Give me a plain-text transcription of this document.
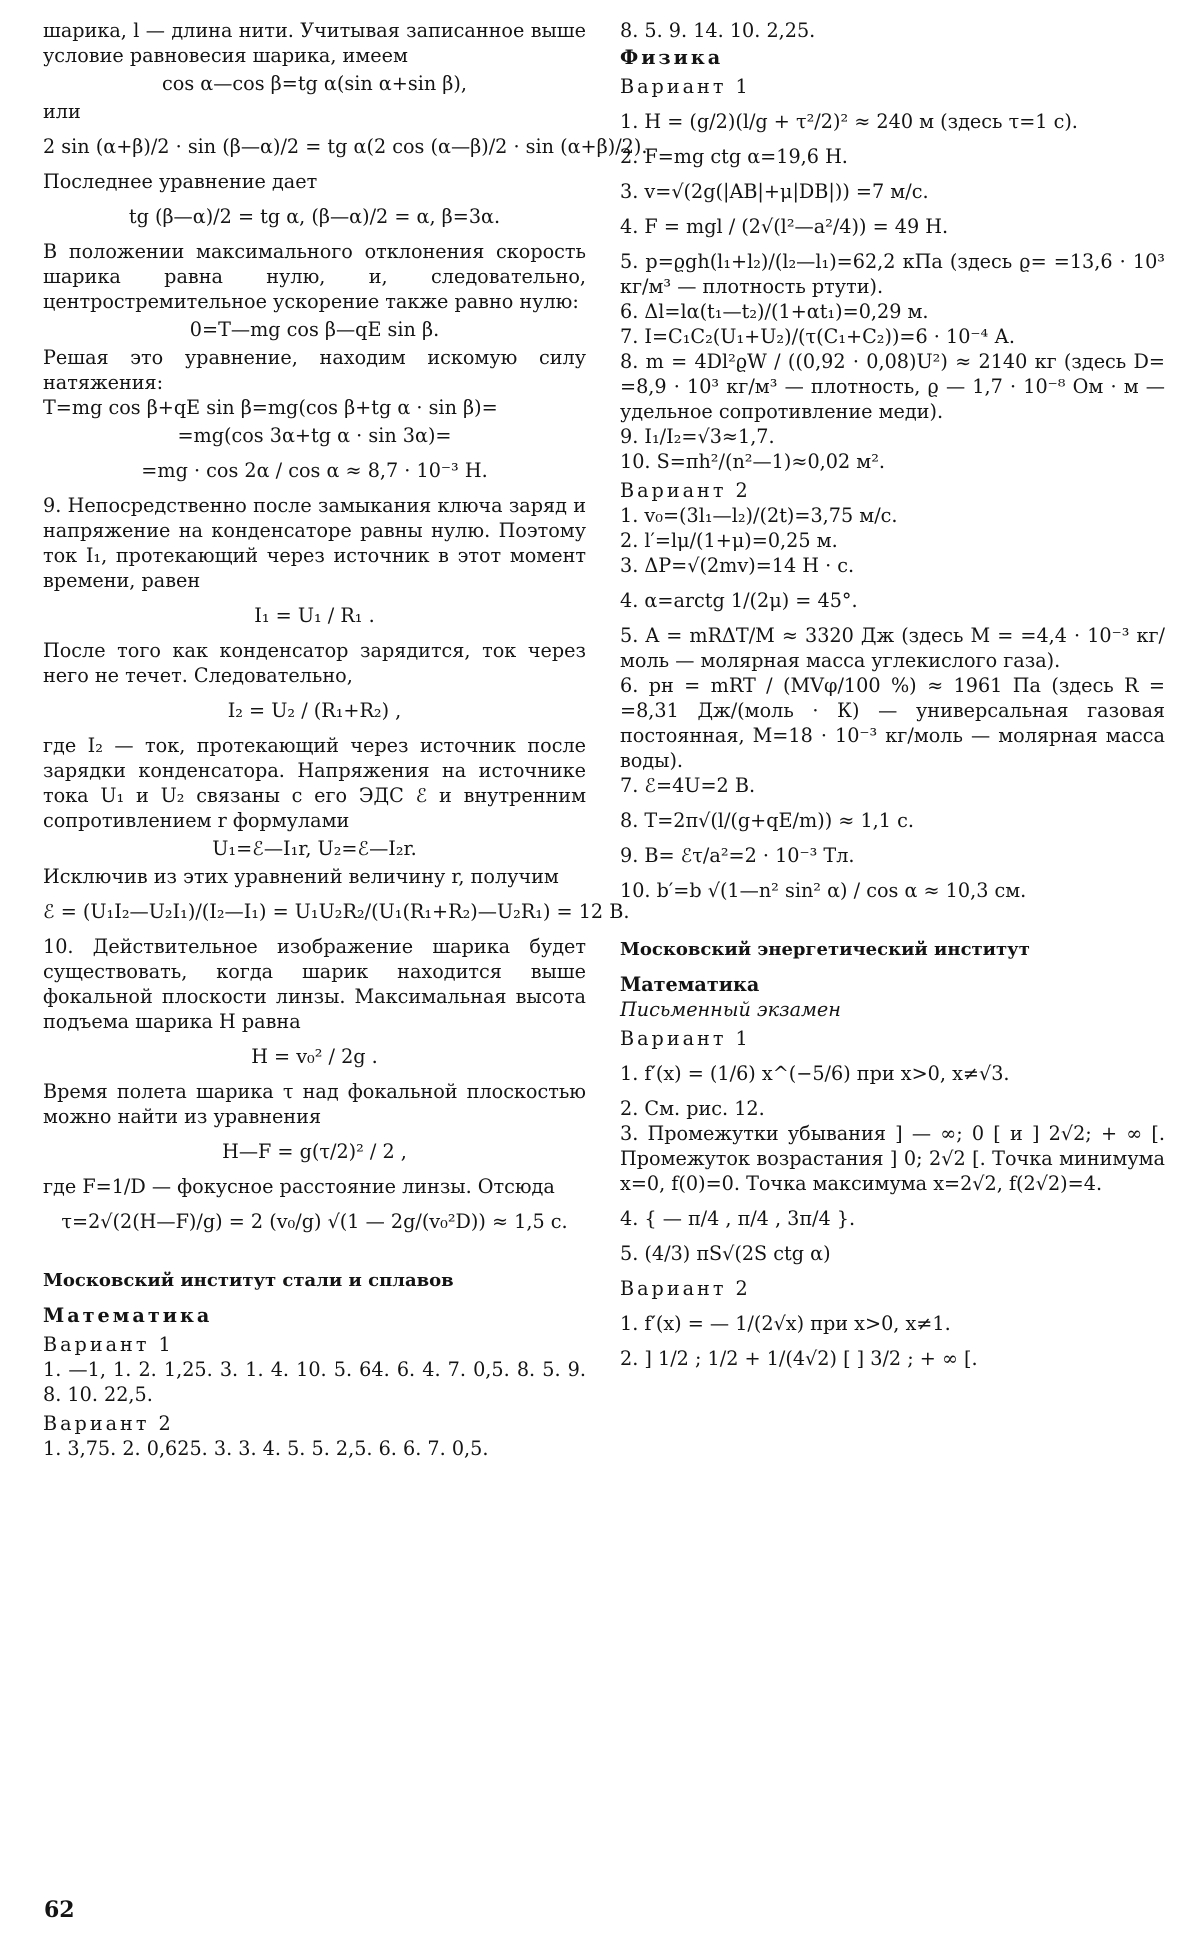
шарика, l — длина нити. Учитывая записанное выше условие равновесия шарика, имеем
cos α—cos β=tg α(sin α+sin β),
или
2 sin (α+β)/2 · sin (β—α)/2 = tg α(2 cos (α—β)/2 · sin (α+β)/2).
Последнее уравнение дает
tg (β—α)/2 = tg α, (β—α)/2 = α, β=3α.
В положении максимального отклонения скорость шарика равна нулю, и, следовательно, центростремительное ускорение также равно нулю:
0=T—mg cos β—qE sin β.
Решая это уравнение, находим искомую силу натяжения:
T=mg cos β+qE sin β=mg(cos β+tg α · sin β)=
=mg(cos 3α+tg α · sin 3α)=
=mg · cos 2α / cos α ≈ 8,7 · 10⁻³ Н.
9. Непосредственно после замыкания ключа заряд и напряжение на конденсаторе равны нулю. Поэтому ток I₁, протекающий через источник в этот момент времени, равен
I₁ = U₁ / R₁ .
После того как конденсатор зарядится, ток через него не течет. Следовательно,
I₂ = U₂ / (R₁+R₂) ,
где I₂ — ток, протекающий через источник после зарядки конденсатора. Напряжения на источнике тока U₁ и U₂ связаны с его ЭДС ℰ и внутренним сопротивлением r формулами
U₁=ℰ—I₁r, U₂=ℰ—I₂r.
Исключив из этих уравнений величину r, получим
ℰ = (U₁I₂—U₂I₁)/(I₂—I₁) = U₁U₂R₂/(U₁(R₁+R₂)—U₂R₁) = 12 В.
10. Действительное изображение шарика будет существовать, когда шарик находится выше фокальной плоскости линзы. Максимальная высота подъема шарика H равна
H = v₀² / 2g .
Время полета шарика τ над фокальной плоскостью можно найти из уравнения
H—F = g(τ/2)² / 2 ,
где F=1/D — фокусное расстояние линзы. Отсюда
τ=2√(2(H—F)/g) = 2 (v₀/g) √(1 — 2g/(v₀²D)) ≈ 1,5 с.
Московский институт стали и сплавов
Математика
Вариант 1
1. —1, 1. 2. 1,25. 3. 1. 4. 10. 5. 64. 6. 4. 7. 0,5. 8. 5. 9. 8. 10. 22,5.
Вариант 2
1. 3,75. 2. 0,625. 3. 3. 4. 5. 5. 2,5. 6. 6. 7. 0,5.
8. 5. 9. 14. 10. 2,25.
Физика
Вариант 1
1. H = (g/2)(l/g + τ²/2)² ≈ 240 м (здесь τ=1 с).
2. F=mg ctg α=19,6 Н.
3. v=√(2g(|AB|+μ|DB|)) =7 м/с.
4. F = mgl / (2√(l²—a²/4)) = 49 Н.
5. p=ϱgh(l₁+l₂)/(l₂—l₁)=62,2 кПа (здесь ϱ= =13,6 · 10³ кг/м³ — плотность ртути).
6. Δl=lα(t₁—t₂)/(1+αt₁)=0,29 м.
7. I=C₁C₂(U₁+U₂)/(τ(C₁+C₂))=6 · 10⁻⁴ А.
8. m = 4Dl²ϱW / ((0,92 · 0,08)U²) ≈ 2140 кг (здесь D= =8,9 · 10³ кг/м³ — плотность, ϱ — 1,7 · 10⁻⁸ Ом · м — удельное сопротивление меди).
9. I₁/I₂=√3≈1,7.
10. S=πh²/(n²—1)≈0,02 м².
Вариант 2
1. v₀=(3l₁—l₂)/(2t)=3,75 м/с.
2. l′=lμ/(1+μ)=0,25 м.
3. ΔP=√(2mv)=14 Н · с.
4. α=arctg 1/(2μ) = 45°.
5. A = mRΔT/M ≈ 3320 Дж (здесь M = =4,4 · 10⁻³ кг/моль — молярная масса углекислого газа).
6. pн = mRT / (MVφ/100 %) ≈ 1961 Па (здесь R = =8,31 Дж/(моль · К) — универсальная газовая постоянная, M=18 · 10⁻³ кг/моль — молярная масса воды).
7. ℰ=4U=2 В.
8. T=2π√(l/(g+qE/m)) ≈ 1,1 с.
9. B= ℰτ/a²=2 · 10⁻³ Тл.
10. b′=b √(1—n² sin² α) / cos α ≈ 10,3 см.
Московский энергетический институт
Математика
Письменный экзамен
Вариант 1
1. f′(x) = (1/6) x^(−5/6) при x>0, x≠√3.
2. См. рис. 12.
3. Промежутки убывания ] — ∞; 0 [ и ] 2√2; + ∞ [. Промежуток возрастания ] 0; 2√2 [. Точка минимума x=0, f(0)=0. Точка максимума x=2√2, f(2√2)=4.
4. { — π/4 , π/4 , 3π/4 }.
5. (4/3) πS√(2S ctg α)
Вариант 2
1. f′(x) = — 1/(2√x) при x>0, x≠1.
2. ] 1/2 ; 1/2 + 1/(4√2) [ ] 3/2 ; + ∞ [.
62
